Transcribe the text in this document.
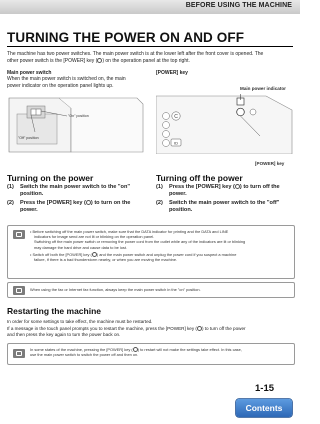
BEFORE USING THE MACHINE
TURNING THE POWER ON AND OFF
The machine has two power switches. The main power switch is at the lower left after the front cover is opened. The
other power switch is the [POWER] key ( ) on the operation panel at the top right.
Main power switch
When the main power switch is switched on, the main
power indicator on the operation panel lights up.
"On" position
"Off" position
[POWER] key
Main power indicator
C
ID
[POWER] key
Turning on the power
(1) Switch the main power switch to the "on"

position.
(2) Press the [POWER] key ( ) to turn on the

power.
Turning off the power
(1) Press the [POWER] key ( ) to turn off the

power.
(2) Switch the main power switch to the "off"

position.
• Before switching off the main power switch, make sure that the DATA indicator for printing and the DATA and LINE
indicators for image send are not lit or blinking on the operation panel.
Switching off the main power switch or removing the power cord from the outlet while any of the indicators are lit or blinking
may damage the hard drive and cause data to be lost.
• Switch off both the [POWER] key ( ) and the main power switch and unplug the power cord if you suspect a machine
failure, if there is a bad thunderstorm nearby, or when you are moving the machine.
When using the fax or Internet fax function, always keep the main power switch in the "on" position.
Restarting the machine
In order for some settings to take effect, the machine must be restarted.
If a message in the touch panel prompts you to restart the machine, press the [POWER] key ( ) to turn off the power
and then press the key again to turn the power back on.
In some states of the machine, pressing the [POWER] key ( ) to restart will not make the settings take effect. In this case,
use the main power switch to switch the power off and then on.
1-15
Contents
